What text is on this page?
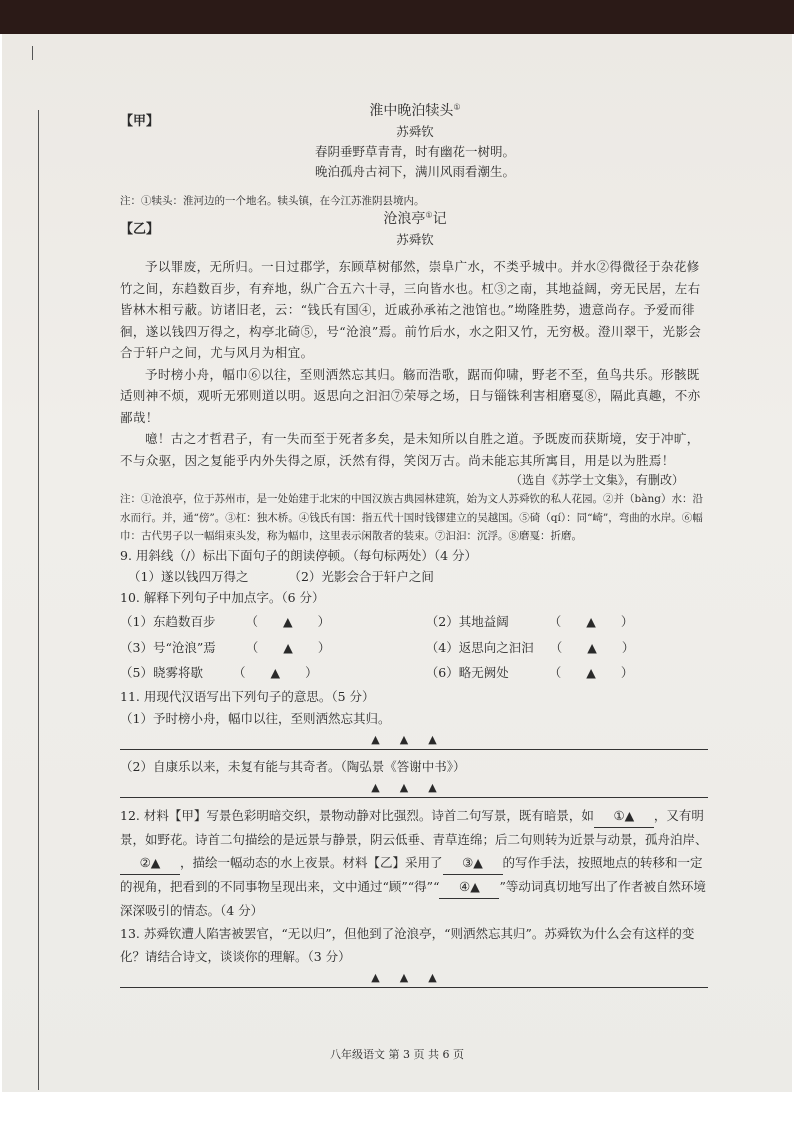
【甲】
淮中晚泊犊头①
苏舜钦
春阴垂野草青青，时有幽花一树明。
晚泊孤舟古祠下，满川风雨看潮生。
注：①犊头：淮河边的一个地名。犊头镇，在今江苏淮阴县境内。
【乙】
沧浪亭①记
苏舜钦

予以罪废，无所归。一日过郡学，东顾草树郁然，崇阜广水，不类乎城中。并水②得微径于杂花修竹之间，东趋数百步，有弃地，纵广合五六十寻，三向皆水也。杠③之南，其地益阔，旁无民居，左右皆林木相亏蔽。访诸旧老，云：“钱氏有国④，近戚孙承祐之池馆也。”坳隆胜势，遗意尚存。予爱而徘徊，遂以钱四万得之，构亭北碕⑤，号“沧浪”焉。前竹后水，水之阳又竹，无穷极。澄川翠干，光影会合于轩户之间，尤与风月为相宜。

予时榜小舟，幅巾⑥以往，至则洒然忘其归。觞而浩歌，踞而仰啸，野老不至，鱼鸟共乐。形骸既适则神不烦，观听无邪则道以明。返思向之汩汩⑦荣辱之场，日与锱铢利害相磨戛⑧，隔此真趣，不亦鄙哉！

噫！古之才哲君子，有一失而至于死者多矣，是未知所以自胜之道。予既废而获斯境，安于冲旷，不与众驱，因之复能乎内外失得之原，沃然有得，笑闵万古。尚未能忘其所寓目，用是以为胜焉！

（选自《苏学士文集》，有删改）
注：①沧浪亭，位于苏州市，是一处始建于北宋的中国汉族古典园林建筑，始为文人苏舜钦的私人花园。②并（bàng）水：沿水而行。并，通“傍”。③杠：独木桥。④钱氏有国：指五代十国时钱镠建立的吴越国。⑤碕（qí）：同“崎”，弯曲的水岸。⑥幅巾：古代男子以一幅绢束头发，称为幅巾，这里表示闲散者的装束。⑦汩汩：沉浮。⑧磨戛：折磨。
9. 用斜线（/）标出下面句子的朗读停顿。（每句标两处）（4 分）
（1）遂以钱四万得之	（2）光影会合于轩户之间
10. 解释下列句子中加点字。（6 分）
（1）东趋数百步 （　　▲　　）	（2）其地益阔	（　　▲　　）
（3）号“沧浪”焉 （　　▲　　）	（4）返思向之汩汩 （　　▲　　）
（5）晓雾将歇 （　　▲　　）	（6）略无阙处	（　　▲　　）
11. 用现代汉语写出下列句子的意思。（5 分）
（1）予时榜小舟，幅巾以往，至则洒然忘其归。
▲▲▲
（2）自康乐以来，未复有能与其奇者。（陶弘景《答谢中书》）
▲▲▲
12. 材料【甲】写景色彩明暗交织，景物动静对比强烈。诗首二句写景，既有暗景，如 ①▲ ，又有明景，如野花。诗首二句描绘的是远景与静景，阴云低垂、青草连绵；后二句则转为近景与动景，孤舟泊岸、②▲ ，描绘一幅动态的水上夜景。材料【乙】采用了 ③▲ 的写作手法，按照地点的转移和一定的视角，把看到的不同事物呈现出来，文中通过“顾”“得”“ ④▲ ”等动词真切地写出了作者被自然环境深深吸引的情态。（4 分）
13. 苏舜钦遭人陷害被罢官，“无以归”，但他到了沧浪亭，“则洒然忘其归”。苏舜钦为什么会有这样的变化？请结合诗文，谈谈你的理解。（3 分）
▲▲▲
八年级语文 第 3 页 共 6 页
